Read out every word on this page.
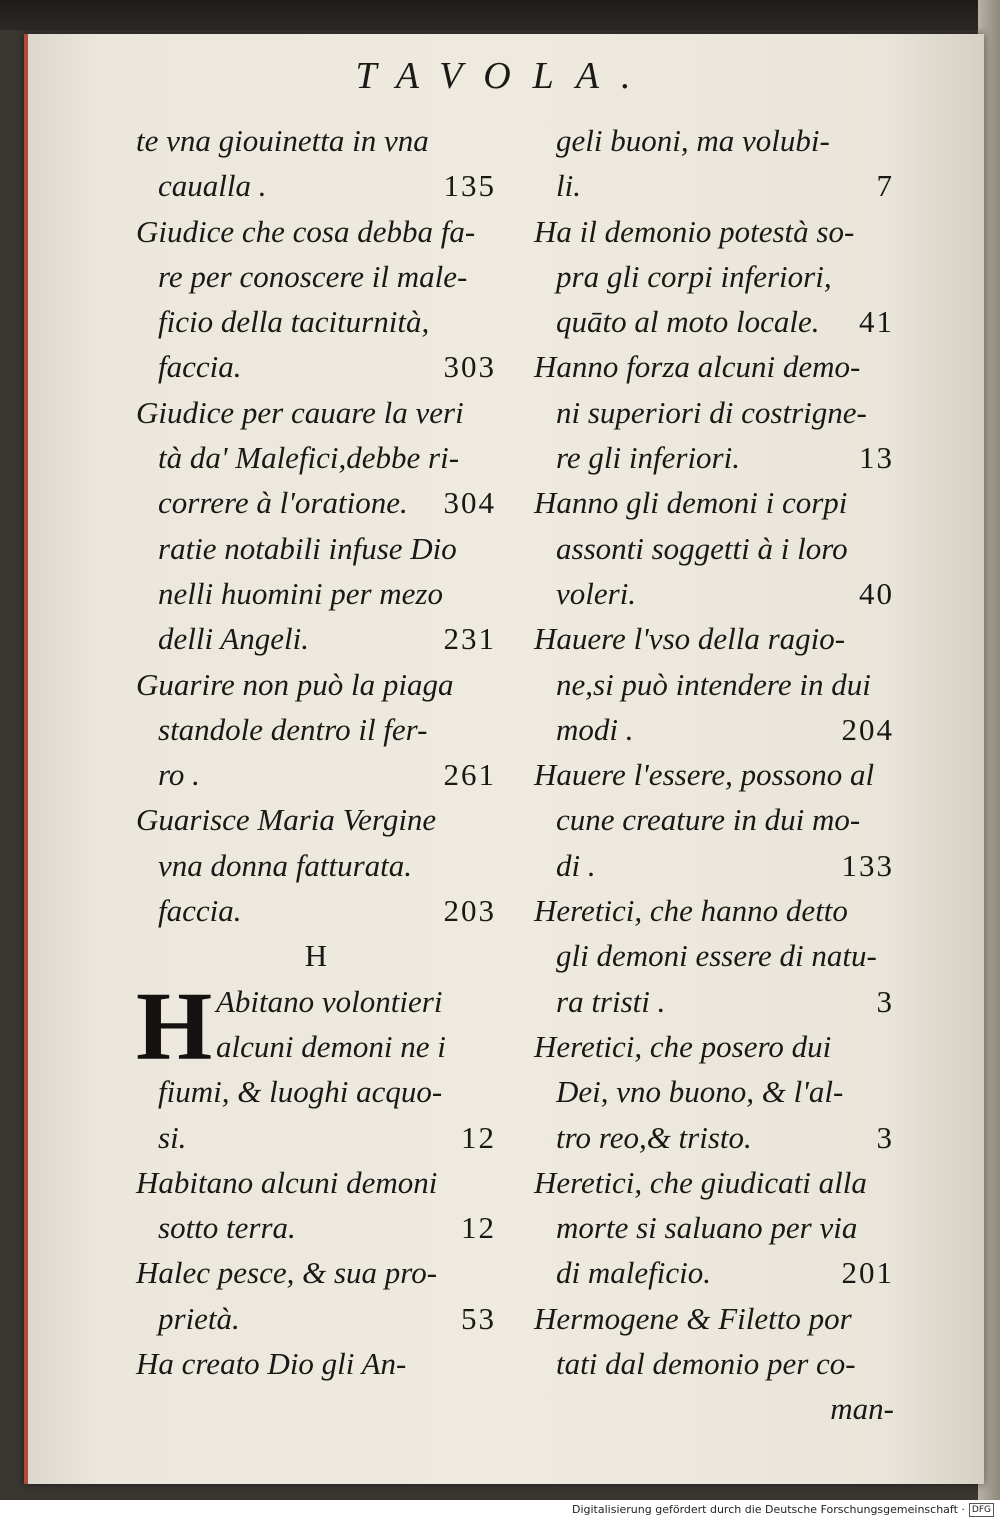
TAVOLA.
te vna giouinetta in vna
caualla .	135
Giudice che cosa debba fa-
re per conoscere il male-
ficio della taciturnità,
faccia.	303
Giudice per cauare la veri
tà da' Malefici,debbe ri-
correre à l'oratione. 304
ratie notabili infuse Dio
nelli huomini per mezo
delli Angeli.	231
Guarire non può la piaga
standole dentro il fer-
ro .	261
Guarisce Maria Vergine
vna donna fatturata.
faccia.	203
H
H Abitano volontieri
alcuni demoni ne i
fiumi, & luoghi acquo-
si.	12
Habitano alcuni demoni
sotto terra.	12
Halec pesce, & sua pro-
prietà.	53
Ha creato Dio gli An-
geli buoni, ma volubi-
li.	7
Ha il demonio potestà so-
pra gli corpi inferiori,
quāto al moto locale. 41
Hanno forza alcuni demo-
ni superiori di costrigne-
re gli inferiori.	13
Hanno gli demoni i corpi
assonti soggetti à i loro
voleri.	40
Hauere l'vso della ragio-
ne,si può intendere in dui
modi .	204
Hauere l'essere, possono al
cune creature in dui mo-
di .	133
Heretici, che hanno detto
gli demoni essere di natu-
ra tristi .	3
Heretici, che posero dui
Dei, vno buono, & l'al-
tro reo,& tristo.	3
Heretici, che giudicati alla
morte si saluano per via
di maleficio.	201
Hermogene & Filetto por
tati dal demonio per co-
man-
Digitalisierung gefördert durch die Deutsche Forschungsgemeinschaft · DFG
